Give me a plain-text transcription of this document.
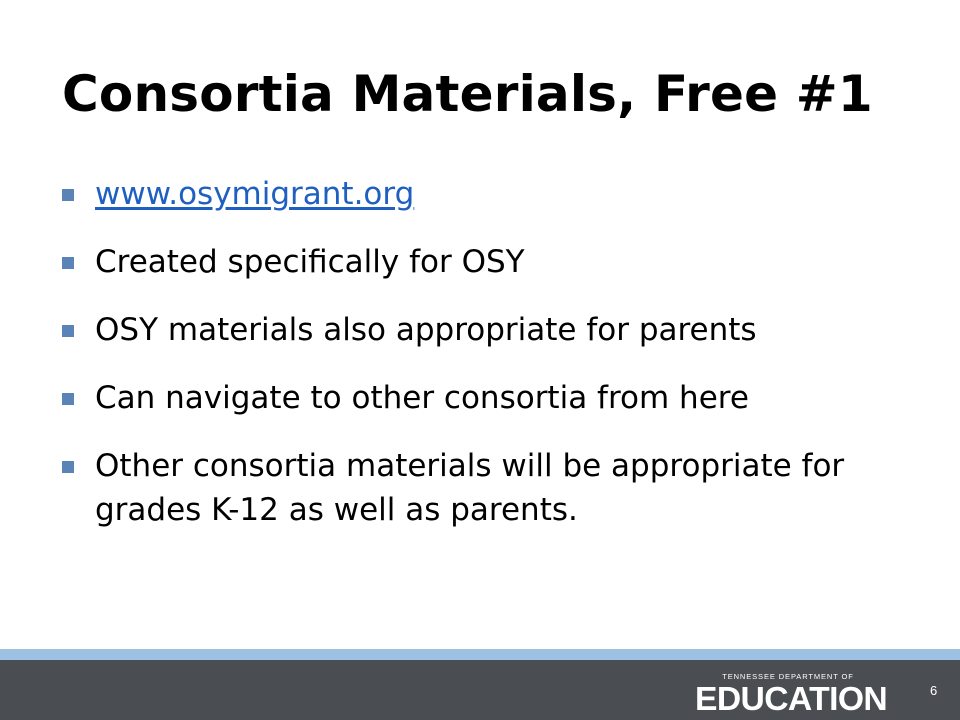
Consortia Materials, Free #1
www.osymigrant.org
Created specifically for OSY
OSY materials also appropriate for parents
Can navigate to other consortia from here
Other consortia materials will be appropriate for grades K-12 as well as parents.
TENNESSEE DEPARTMENT OF
EDUCATION	6
